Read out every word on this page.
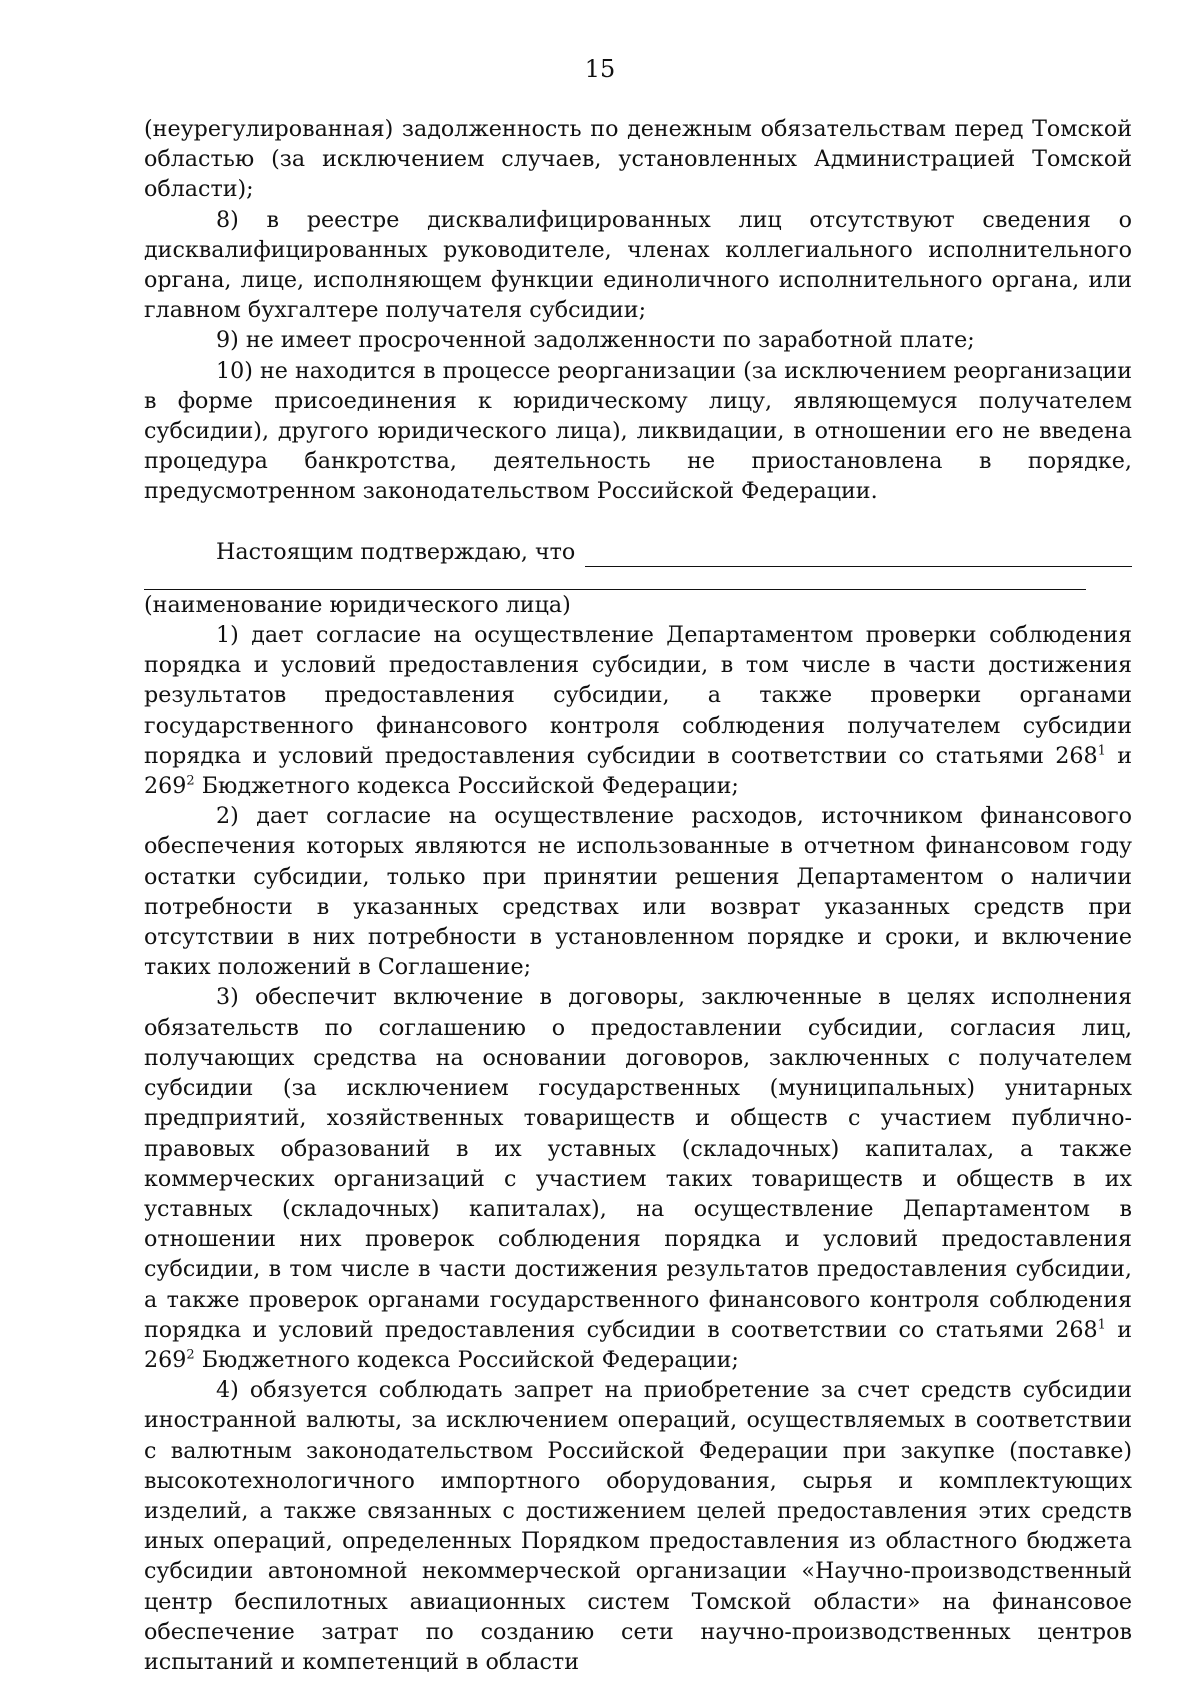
15

(неурегулированная) задолженность по денежным обязательствам перед Томской областью (за исключением случаев, установленных Администрацией Томской области);

8) в реестре дисквалифицированных лиц отсутствуют сведения о дисквалифицированных руководителе, членах коллегиального исполнительного органа, лице, исполняющем функции единоличного исполнительного органа, или главном бухгалтере получателя субсидии;

9) не имеет просроченной задолженности по заработной плате;

10) не находится в процессе реорганизации (за исключением реорганизации в форме присоединения к юридическому лицу, являющемуся получателем субсидии), другого юридического лица), ликвидации, в отношении его не введена процедура банкротства, деятельность не приостановлена в порядке, предусмотренном законодательством Российской Федерации.

Настоящим подтверждаю, что

(наименование юридического лица)

1) дает согласие на осуществление Департаментом проверки соблюдения порядка и условий предоставления субсидии, в том числе в части достижения результатов предоставления субсидии, а также проверки органами государственного финансового контроля соблюдения получателем субсидии порядка и условий предоставления субсидии в соответствии со статьями $268^1$ и $269^2$ Бюджетного кодекса Российской Федерации;

2) дает согласие на осуществление расходов, источником финансового обеспечения которых являются не использованные в отчетном финансовом году остатки субсидии, только при принятии решения Департаментом о наличии потребности в указанных средствах или возврат указанных средств при отсутствии в них потребности в установленном порядке и сроки, и включение таких положений в Соглашение;

3) обеспечит включение в договоры, заключенные в целях исполнения обязательств по соглашению о предоставлении субсидии, согласия лиц, получающих средства на основании договоров, заключенных с получателем субсидии (за исключением государственных (муниципальных) унитарных предприятий, хозяйственных товариществ и обществ с участием публично-правовых образований в их уставных (складочных) капиталах, а также коммерческих организаций с участием таких товариществ и обществ в их уставных (складочных) капиталах), на осуществление Департаментом в отношении них проверок соблюдения порядка и условий предоставления субсидии, в том числе в части достижения результатов предоставления субсидии, а также проверок органами государственного финансового контроля соблюдения порядка и условий предоставления субсидии в соответствии со статьями $268^1$ и $269^2$ Бюджетного кодекса Российской Федерации;

4) обязуется соблюдать запрет на приобретение за счет средств субсидии иностранной валюты, за исключением операций, осуществляемых в соответствии с валютным законодательством Российской Федерации при закупке (поставке) высокотехнологичного импортного оборудования, сырья и комплектующих изделий, а также связанных с достижением целей предоставления этих средств иных операций, определенных Порядком предоставления из областного бюджета субсидии автономной некоммерческой организации «Научно-производственный центр беспилотных авиационных систем Томской области» на финансовое обеспечение затрат по созданию сети научно-производственных центров испытаний и компетенций в области
